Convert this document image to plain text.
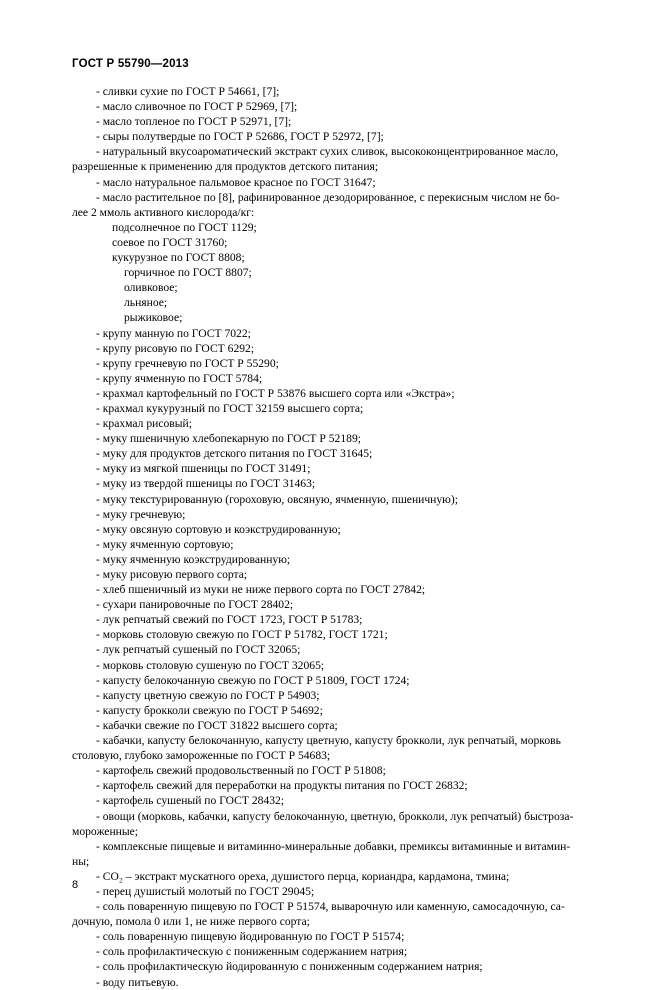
ГОСТ Р 55790—2013

- сливки сухие по ГОСТ Р 54661, [7];

- масло сливочное по ГОСТ Р 52969, [7];

- масло топленое по ГОСТ Р 52971, [7];

- сыры полутвердые по ГОСТ Р 52686, ГОСТ Р 52972, [7];

- натуральный вкусоароматический экстракт сухих сливок, высококонцентрированное масло,

разрешенные к применению для продуктов детского питания;

- масло натуральное пальмовое красное по ГОСТ 31647;

- масло растительное по [8], рафинированное дезодорированное, с перекисным числом не бо-

лее 2 ммоль активного кислорода/кг:

подсолнечное по ГОСТ 1129;

соевое по ГОСТ 31760;

кукурузное по ГОСТ 8808;

горчичное по ГОСТ 8807;

оливковое;

льняное;

рыжиковое;

- крупу манную по ГОСТ 7022;

- крупу рисовую по ГОСТ 6292;

- крупу гречневую по ГОСТ Р 55290;

- крупу ячменную по ГОСТ 5784;

- крахмал картофельный по ГОСТ Р 53876 высшего сорта или «Экстра»;

- крахмал кукурузный по ГОСТ 32159 высшего сорта;

- крахмал рисовый;

- муку пшеничную хлебопекарную по ГОСТ Р 52189;

- муку для продуктов детского питания по ГОСТ 31645;

- муку из мягкой пшеницы по ГОСТ 31491;

- муку из твердой пшеницы по ГОСТ 31463;

- муку текстурированную (гороховую, овсяную, ячменную, пшеничную);

- муку гречневую;

- муку овсяную сортовую и коэкструдированную;

- муку ячменную сортовую;

- муку ячменную коэкструдированную;

- муку рисовую первого сорта;

- хлеб пшеничный из муки не ниже первого сорта по ГОСТ 27842;

- сухари панировочные по ГОСТ 28402;

- лук репчатый свежий по ГОСТ 1723, ГОСТ Р 51783;

- морковь столовую свежую по ГОСТ Р 51782, ГОСТ 1721;

- лук репчатый сушеный по ГОСТ 32065;

- морковь столовую сушеную по ГОСТ 32065;

- капусту белокочанную свежую по ГОСТ Р 51809, ГОСТ 1724;

- капусту цветную свежую по ГОСТ Р 54903;

- капусту брокколи свежую по ГОСТ Р 54692;

- кабачки свежие по ГОСТ 31822 высшего сорта;

- кабачки, капусту белокочанную, капусту цветную, капусту брокколи, лук репчатый, морковь

столовую, глубоко замороженные по ГОСТ Р 54683;

- картофель свежий продовольственный по ГОСТ Р 51808;

- картофель свежий для переработки на продукты питания по ГОСТ 26832;

- картофель сушеный по ГОСТ 28432;

- овощи (морковь, кабачки, капусту белокочанную, цветную, брокколи, лук репчатый) быстроза-

мороженные;

- комплексные пищевые и витаминно-минеральные добавки, премиксы витаминные и витамин-

ны;

- CO₂ – экстракт мускатного ореха, душистого перца, кориандра, кардамона, тмина;

- перец душистый молотый по ГОСТ 29045;

- соль поваренную пищевую по ГОСТ Р 51574, выварочную или каменную, самосадочную, са-

дочную, помола 0 или 1, не ниже первого сорта;

- соль поваренную пищевую йодированную по ГОСТ Р 51574;

- соль профилактическую с пониженным содержанием натрия;

- соль профилактическую йодированную с пониженным содержанием натрия;

- воду питьевую.

8
